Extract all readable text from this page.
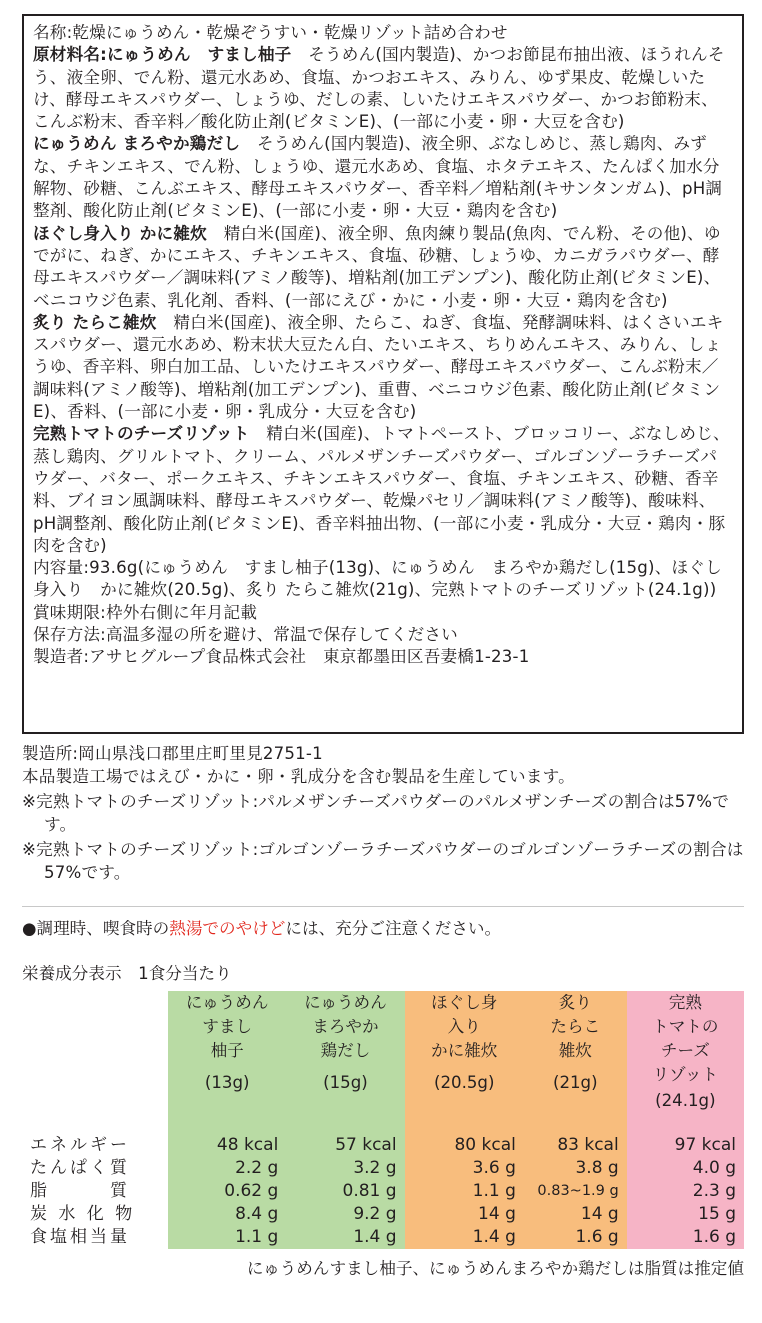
名称:乾燥にゅうめん・乾燥ぞうすい・乾燥リゾット詰め合わせ

原材料名:にゅうめん　すまし柚子　そうめん(国内製造)、かつお節昆布抽出液、ほうれんそう、液全卵、でん粉、還元水あめ、食塩、かつおエキス、みりん、ゆず果皮、乾燥しいたけ、酵母エキスパウダー、しょうゆ、だしの素、しいたけエキスパウダー、かつお節粉末、こんぶ粉末、香辛料／酸化防止剤(ビタミンE)、(一部に小麦・卵・大豆を含む)

にゅうめん まろやか鶏だし　そうめん(国内製造)、液全卵、ぶなしめじ、蒸し鶏肉、みずな、チキンエキス、でん粉、しょうゆ、還元水あめ、食塩、ホタテエキス、たんぱく加水分解物、砂糖、こんぶエキス、酵母エキスパウダー、香辛料／増粘剤(キサンタンガム)、pH調整剤、酸化防止剤(ビタミンE)、(一部に小麦・卵・大豆・鶏肉を含む)

ほぐし身入り かに雑炊　精白米(国産)、液全卵、魚肉練り製品(魚肉、でん粉、その他)、ゆでがに、ねぎ、かにエキス、チキンエキス、食塩、砂糖、しょうゆ、カニガラパウダー、酵母エキスパウダー／調味料(アミノ酸等)、増粘剤(加工デンプン)、酸化防止剤(ビタミンE)、ベニコウジ色素、乳化剤、香料、(一部にえび・かに・小麦・卵・大豆・鶏肉を含む)

炙り たらこ雑炊　精白米(国産)、液全卵、たらこ、ねぎ、食塩、発酵調味料、はくさいエキスパウダー、還元水あめ、粉末状大豆たん白、たいエキス、ちりめんエキス、みりん、しょうゆ、香辛料、卵白加工品、しいたけエキスパウダー、酵母エキスパウダー、こんぶ粉末／調味料(アミノ酸等)、増粘剤(加工デンプン)、重曹、ベニコウジ色素、酸化防止剤(ビタミンE)、香料、(一部に小麦・卵・乳成分・大豆を含む)

完熟トマトのチーズリゾット　精白米(国産)、トマトペースト、ブロッコリー、ぶなしめじ、蒸し鶏肉、グリルトマト、クリーム、パルメザンチーズパウダー、ゴルゴンゾーラチーズパウダー、バター、ポークエキス、チキンエキスパウダー、食塩、チキンエキス、砂糖、香辛料、ブイヨン風調味料、酵母エキスパウダー、乾燥パセリ／調味料(アミノ酸等)、酸味料、pH調整剤、酸化防止剤(ビタミンE)、香辛料抽出物、(一部に小麦・乳成分・大豆・鶏肉・豚肉を含む)

内容量:93.6g(にゅうめん　すまし柚子(13g)、にゅうめん　まろやか鶏だし(15g)、ほぐし身入り　かに雑炊(20.5g)、炙り たらこ雑炊(21g)、完熟トマトのチーズリゾット(24.1g))

賞味期限:枠外右側に年月記載

保存方法:高温多湿の所を避け、常温で保存してください

製造者:アサヒグループ食品株式会社　東京都墨田区吾妻橋1-23-1

製造所:岡山県浅口郡里庄町里見2751-1

本品製造工場ではえび・かに・卵・乳成分を含む製品を生産しています。

※完熟トマトのチーズリゾット:パルメザンチーズパウダーのパルメザンチーズの割合は57%です。

※完熟トマトのチーズリゾット:ゴルゴンゾーラチーズパウダーのゴルゴンゾーラチーズの割合は57%です。

●調理時、喫食時の熱湯でのやけどには、充分ご注意ください。

栄養成分表示　1食分当たり

	にゅうめん
すまし
柚子
(13g)
	にゅうめん
まろやか
鶏だし
(15g)
	ほぐし身
入り
かに雑炊
(20.5g)
	炙り
たらこ
雑炊
(21g)
	完熟
トマトの
チーズ
リゾット
(24.1g)
エネルギー	48 kcal	57 kcal	80 kcal	83 kcal	97 kcal
たんぱく質	2.2 g	3.2 g	3.6 g	3.8 g	4.0 g
脂　　　質	0.62 g	0.81 g	1.1 g	0.83~1.9 g	2.3 g
炭 水 化 物	8.4 g	9.2 g	14 g	14 g	15 g
食塩相当量	1.1 g	1.4 g	1.4 g	1.6 g	1.6 g

にゅうめんすまし柚子、にゅうめんまろやか鶏だしは脂質は推定値
